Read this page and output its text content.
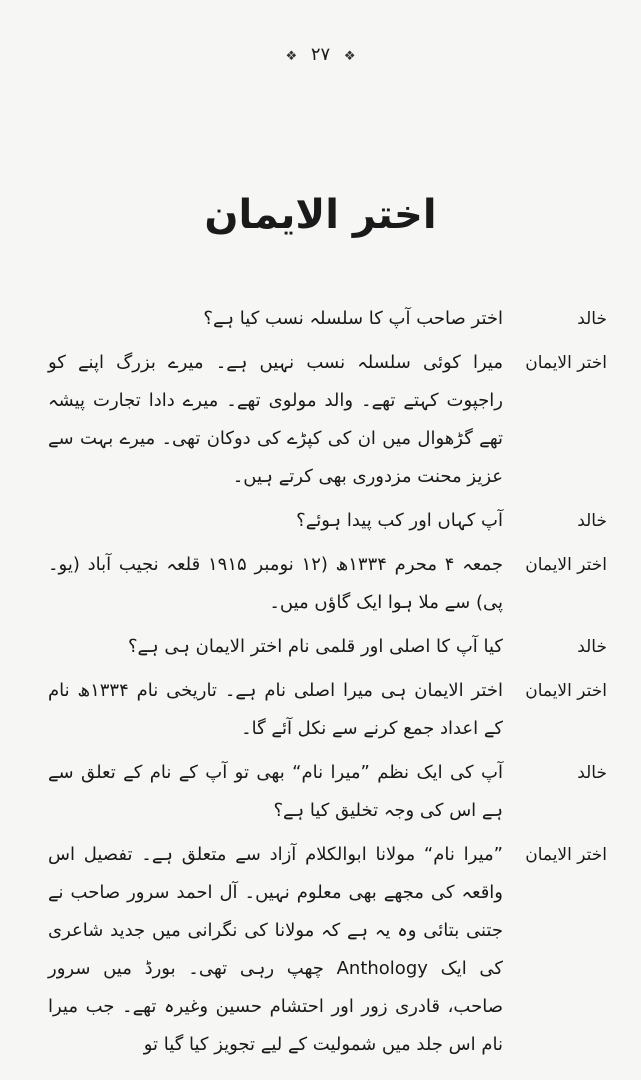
❖ ۲۷ ❖
اختر الایمان
خالد
اختر صاحب آپ کا سلسلہ نسب کیا ہے؟
اختر الایمان
میرا کوئی سلسلہ نسب نہیں ہے۔ میرے بزرگ اپنے کو راجپوت کہتے تھے۔ والد مولوی تھے۔ میرے دادا تجارت پیشہ تھے گڑھوال میں ان کی کپڑے کی دوکان تھی۔ میرے بہت سے عزیز محنت مزدوری بھی کرتے ہیں۔
خالد
آپ کہاں اور کب پیدا ہوئے؟
اختر الایمان
جمعہ ۴ محرم ۱۳۳۴ھ (۱۲ نومبر ۱۹۱۵ قلعہ نجیب آباد (یو۔ پی) سے ملا ہوا ایک گاؤں میں۔
خالد
کیا آپ کا اصلی اور قلمی نام اختر الایمان ہی ہے؟
اختر الایمان
اختر الایمان ہی میرا اصلی نام ہے۔ تاریخی نام ۱۳۳۴ھ نام کے اعداد جمع کرنے سے نکل آئے گا۔
خالد
آپ کی ایک نظم ”میرا نام“ بھی تو آپ کے نام کے تعلق سے ہے اس کی وجہ تخلیق کیا ہے؟
اختر الایمان
”میرا نام“ مولانا ابوالکلام آزاد سے متعلق ہے۔ تفصیل اس واقعہ کی مجھے بھی معلوم نہیں۔ آل احمد سرور صاحب نے جتنی بتائی وہ یہ ہے کہ مولانا کی نگرانی میں جدید شاعری کی ایک Anthology چھپ رہی تھی۔ بورڈ میں سرور صاحب، قادری زور اور احتشام حسین وغیرہ تھے۔ جب میرا نام اس جلد میں شمولیت کے لیے تجویز کیا گیا تو
